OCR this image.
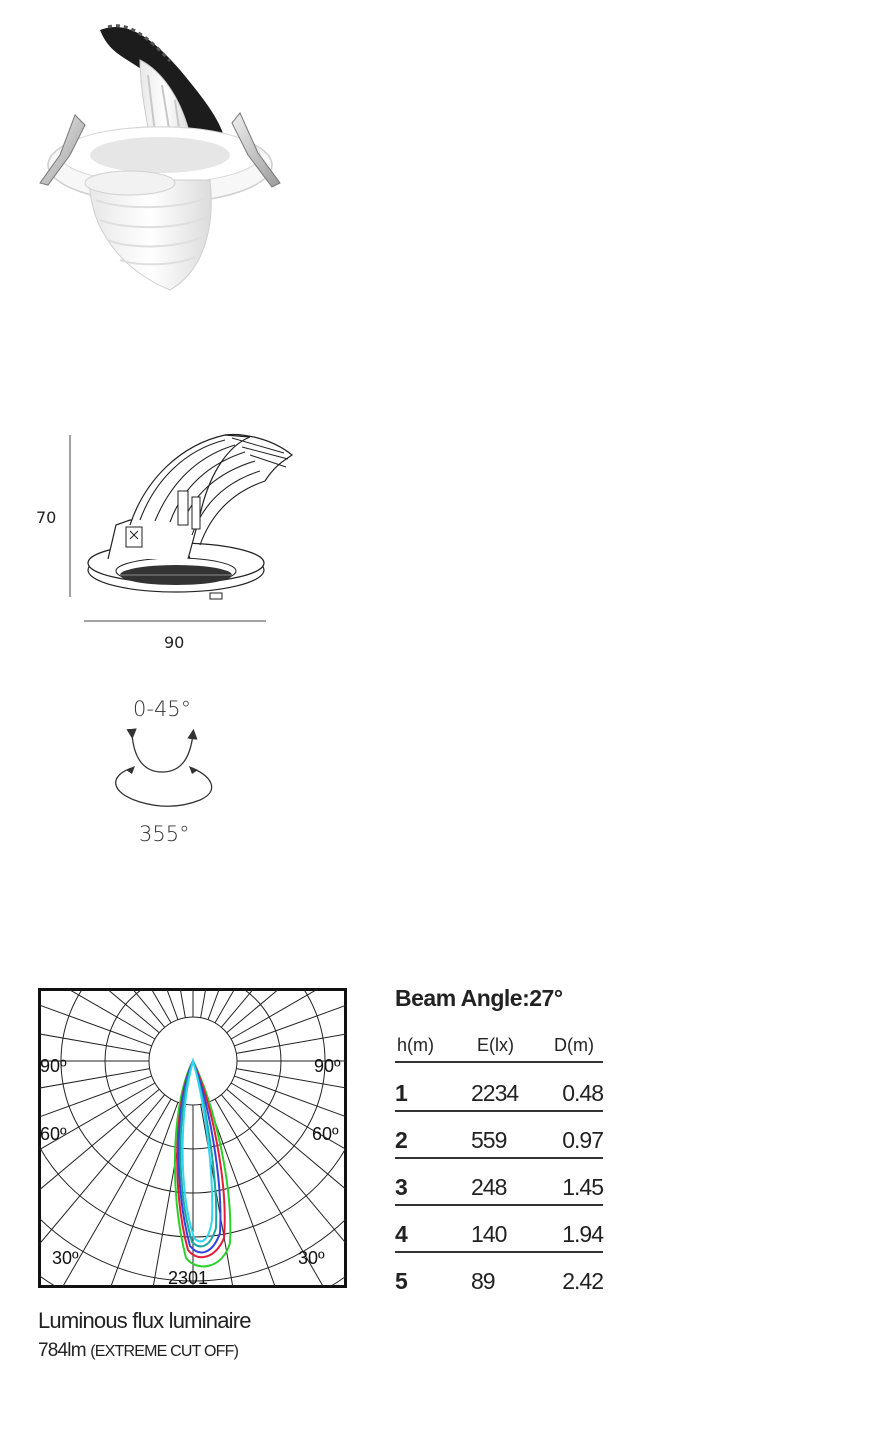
70
90
0-45°
355°
90º	90º
60º	60º
30º	30º
2301
Beam Angle:27°
h(m) E(lx) D(m)
1	2234 0.48
2	559 0.97
3	248 1.45
4	140 1.94
5	89	2.42
Luminous flux luminaire
784lm (EXTREME CUT OFF)
